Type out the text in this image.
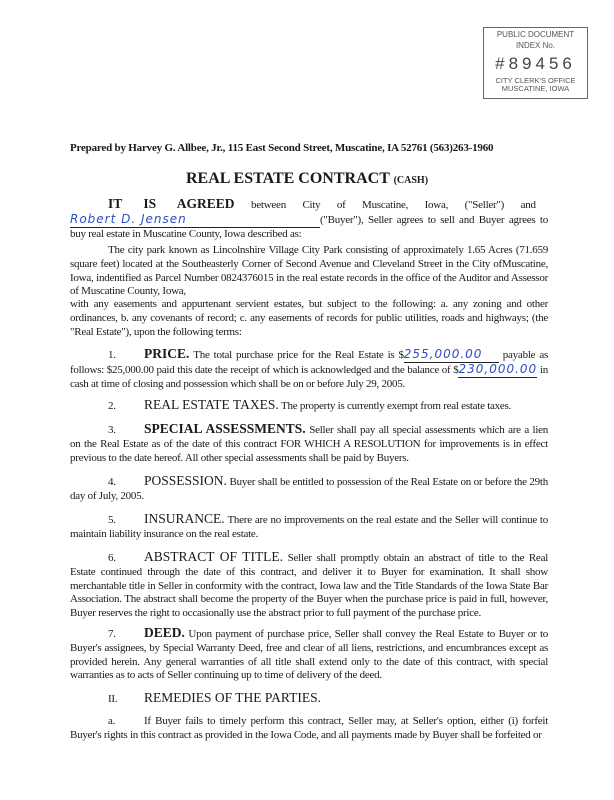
PUBLIC DOCUMENT
INDEX No.
#89456
CITY CLERK'S OFFICE
MUSCATINE, IOWA
Prepared by Harvey G. Allbee, Jr., 115 East Second Street, Muscatine, IA 52761 (563)263-1960
REAL ESTATE CONTRACT (CASH)
IT IS AGREED between City of Muscatine, Iowa, ("Seller") and
Robert D. Jensen	("Buyer"), Seller agrees to sell and Buyer agrees to buy real estate in Muscatine County, Iowa described as:
The city park known as Lincolnshire Village City Park consisting of approximately 1.65 Acres (71.659 square feet) located at the Southeasterly Corner of Second Avenue and Cleveland Street in the City ofMuscatine, Iowa, indentified as Parcel Number 0824376015 in the real estate records in the office of the Auditor and Assessor of Muscatine County, Iowa,
with any easements and appurtenant servient estates, but subject to the following: a. any zoning and other ordinances, b. any covenants of record; c. any easements of records for public utilities, roads and highways; (the "Real Estate"), upon the following terms:
1. PRICE. The total purchase price for the Real Estate is $255,000.00 payable as follows: $25,000.00 paid this date the receipt of which is acknowledged and the balance of $230,000.00 in cash at time of closing and possession which shall be on or before July 29, 2005.
2. REAL ESTATE TAXES. The property is currently exempt from real estate taxes.
3. SPECIAL ASSESSMENTS. Seller shall pay all special assessments which are a lien on the Real Estate as of the date of this contract FOR WHICH A RESOLUTION for improvements is in effect previous to the date hereof. All other special assessments shall be paid by Buyers.
4. POSSESSION. Buyer shall be entitled to possession of the Real Estate on or before the 29th day of July, 2005.
5. INSURANCE. There are no improvements on the real estate and the Seller will continue to maintain liability insurance on the real estate.
6. ABSTRACT OF TITLE. Seller shall promptly obtain an abstract of title to the Real Estate continued through the date of this contract, and deliver it to Buyer for examination. It shall show merchantable title in Seller in conformity with the contract, Iowa law and the Title Standards of the Iowa State Bar Association. The abstract shall become the property of the Buyer when the purchase price is paid in full, however, Buyer reserves the right to occasionally use the abstract prior to full payment of the purchase price.
7. DEED. Upon payment of purchase price, Seller shall convey the Real Estate to Buyer or to Buyer's assignees, by Special Warranty Deed, free and clear of all liens, restrictions, and encumbrances except as provided herein. Any general warranties of all title shall extend only to the date of this contract, with special warranties as to acts of Seller continuing up to time of delivery of the deed.
II. REMEDIES OF THE PARTIES.
a.	If Buyer fails to timely perform this contract, Seller may, at Seller's option, either (i) forfeit Buyer's rights in this contract as provided in the Iowa Code, and all payments made by Buyer shall be forfeited or
